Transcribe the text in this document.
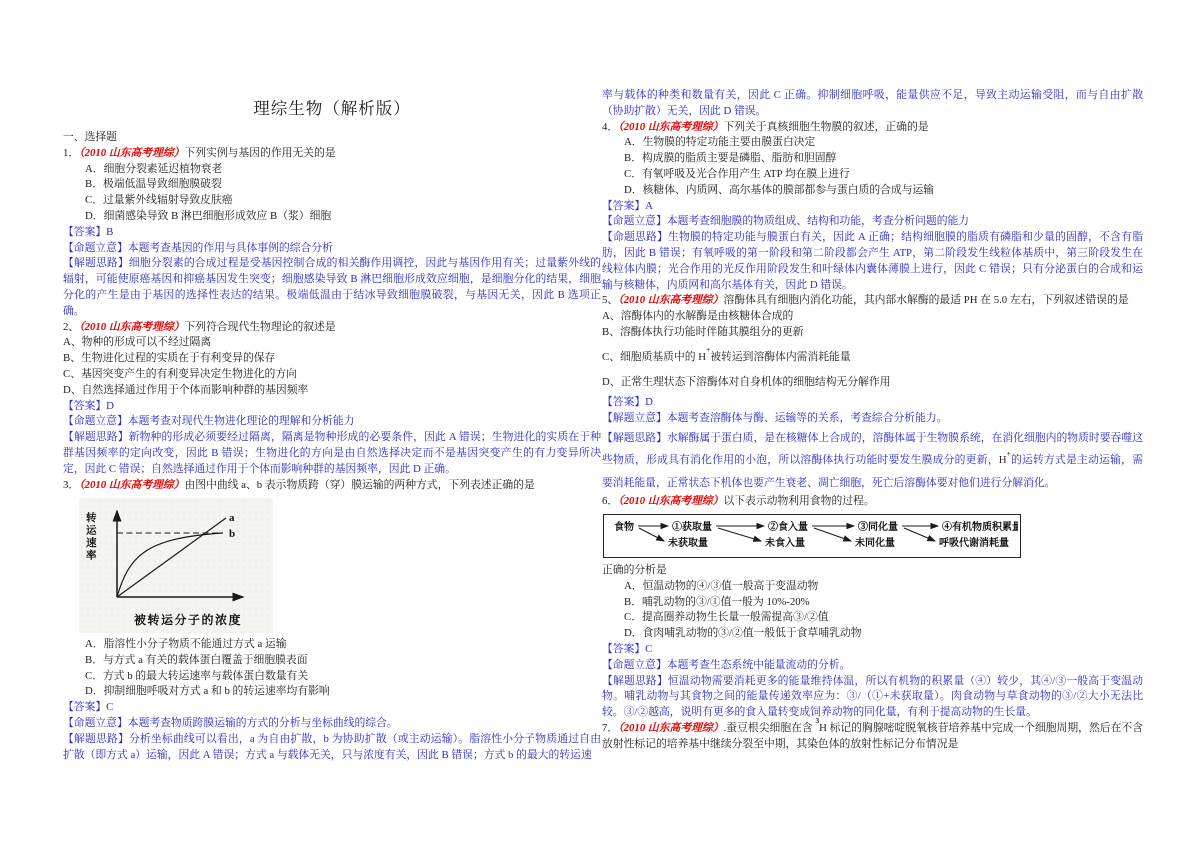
理综生物（解析版）
一、选择题
1．（2010 山东高考理综）下列实例与基因的作用无关的是
A．细胞分裂素延迟植物衰老
B．极端低温导致细胞膜破裂
C．过量紫外线辐射导致皮肤癌
D．细菌感染导致 B 淋巴细胞形成效应 B（浆）细胞
【答案】B
【命题立意】本题考查基因的作用与具体事例的综合分析
【解题思路】细胞分裂素的合成过程是受基因控制合成的相关酶作用调控，因此与基因作用有关；过量紫外线的辐射，可能使原癌基因和抑癌基因发生突变；细胞感染导致 B 淋巴细胞形成效应细胞，是细胞分化的结果，细胞分化的产生是由于基因的选择性表达的结果。极端低温由于结冰导致细胞膜破裂，与基因无关，因此 B 选项正确。
2、（2010 山东高考理综）下列符合现代生物理论的叙述是
A、物种的形成可以不经过隔离
B、生物进化过程的实质在于有利变异的保存
C、基因突变产生的有利变异决定生物进化的方向
D、自然选择通过作用于个体而影响种群的基因频率
【答案】D
【命题立意】本题考查对现代生物进化理论的理解和分析能力
【解题思路】新物种的形成必须要经过隔离，隔离是物种形成的必要条件，因此 A 错误；生物进化的实质在于种群基因频率的定向改变，因此 B 错误；生物进化的方向是由自然选择决定而不是基因突变产生的有力变异所决定，因此 C 错误；自然选择通过作用于个体而影响种群的基因频率，因此 D 正确。
3．（2010 山东高考理综）由图中曲线 a、b 表示物质跨（穿）膜运输的两种方式，下列表述正确的是
转运速率	a
b
被转运分子的浓度
A．脂溶性小分子物质不能通过方式 a 运输
B．与方式 a 有关的载体蛋白覆盖于细胞膜表面
C．方式 b 的最大转运速率与载体蛋白数量有关
D．抑制细胞呼吸对方式 a 和 b 的转运速率均有影响
【答案】C
【命题立意】本题考查物质跨膜运输的方式的分析与坐标曲线的综合。
【解题思路】分析坐标曲线可以看出，a 为自由扩散，b 为协助扩散（或主动运输）。脂溶性小分子物质通过自由扩散（即方式 a）运输，因此 A 错误；方式 a 与载体无关，只与浓度有关，因此 B 错误；方式 b 的最大的转运速
率与载体的种类和数量有关，因此 C 正确。抑制细胞呼吸，能量供应不足，导致主动运输受阻，而与自由扩散（协助扩散）无关，因此 D 错误。
4．（2010 山东高考理综）下列关于真核细胞生物膜的叙述，正确的是
A．生物膜的特定功能主要由膜蛋白决定
B．构成膜的脂质主要是磷脂、脂肪和胆固醇
C．有氧呼吸及光合作用产生 ATP 均在膜上进行
D．核糖体、内质网、高尔基体的膜部都参与蛋白质的合成与运输
【答案】A
【命题立意】本题考查细胞膜的物质组成、结构和功能，考查分析问题的能力
【命题思路】生物膜的特定功能与膜蛋白有关，因此 A 正确；结构细胞膜的脂质有磷脂和少量的固醇，不含有脂肪，因此 B 错误；有氧呼吸的第一阶段和第二阶段都会产生 ATP，第二阶段发生线粒体基质中，第三阶段发生在线粒体内膜；光合作用的光反作用阶段发生和叶绿体内囊体薄膜上进行，因此 C 错误；只有分泌蛋白的合成和运输与核糖体，内质网和高尔基体有关，因此 D 错误。
5、（2010 山东高考理综）溶酶体具有细胞内消化功能，其内部水解酶的最适 PH 在 5.0 左右，下列叙述错误的是
A、溶酶体内的水解酶是由核糖体合成的
B、溶酶体执行功能时伴随其膜组分的更新
C、细胞质基质中的 H+被转运到溶酶体内需消耗能量
D、正常生理状态下溶酶体对自身机体的细胞结构无分解作用
【答案】D
【解题立意】本题考查溶酶体与酶、运输等的关系，考查综合分析能力。
【解题思路】水解酶属于蛋白质，是在核糖体上合成的，溶酶体属于生物膜系统，在消化细胞内的物质时要吞噬这些物质，形成具有消化作用的小泡，所以溶酶体执行功能时要发生膜成分的更新，H+的运转方式是主动运输，需要消耗能量，正常状态下机体也要产生衰老、凋亡细胞，死亡后溶酶体要对他们进行分解消化。
6．（2010 山东高考理综）以下表示动物利用食物的过程。
食物	①获取量	②食入量	③同化量	④有机物质积累量
未获取量	未食入量	未同化量	呼吸代谢消耗量
正确的分析是
A．恒温动物的④/③值一般高于变温动物
B．哺乳动物的③/①值一般为 10%-20%
C．提高圈养动物生长量一般需提高③/②值
D．食肉哺乳动物的③/②值一般低于食草哺乳动物
【答案】C
【命题立意】本题考查生态系统中能量流动的分析。
【解题思路】恒温动物需要消耗更多的能量维持体温，所以有机物的积累量（④）较少，其④/③一般高于变温动物。哺乳动物与其食物之间的能量传递效率应为：③/（①+未获取量）。肉食动物与草食动物的③/②大小无法比较。③/②越高，说明有更多的食入量转变成饲养动物的同化量，有利于提高动物的生长量。
7．（2010 山东高考理综）.蚕豆根尖细胞在含 $^3$H 标记的胸腺嘧啶脱氧核苷培养基中完成一个细胞周期，然后在不含放射性标记的培养基中继续分裂至中期，其染色体的放射性标记分布情况是
